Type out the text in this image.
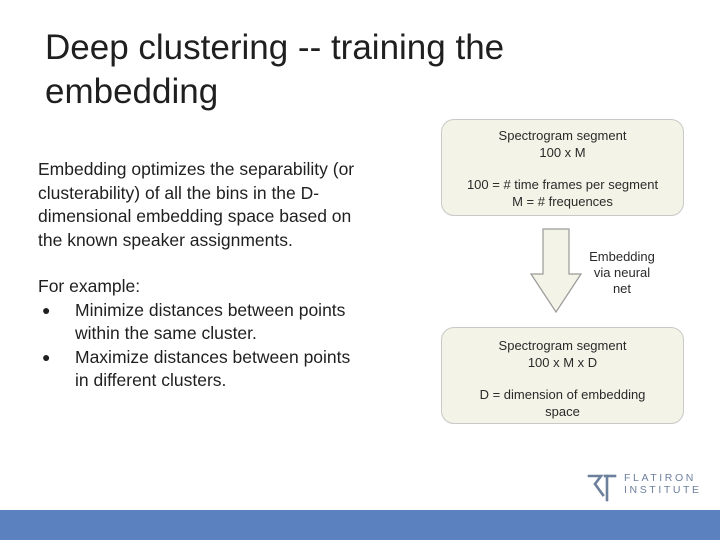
Deep clustering -- training the
embedding

Embedding optimizes the separability (or clusterability) of all the bins in the D-dimensional embedding space based on the known speaker assignments.

For example:

● Minimize distances between points within the same cluster.
● Maximize distances between points in different clusters.

Spectrogram segment

100 x M

100 = # time frames per segment

M = # frequences

Embedding
via neural
net

Spectrogram segment

100 x M x D

D = dimension of embedding

space

FLATIRON
INSTITUTE
